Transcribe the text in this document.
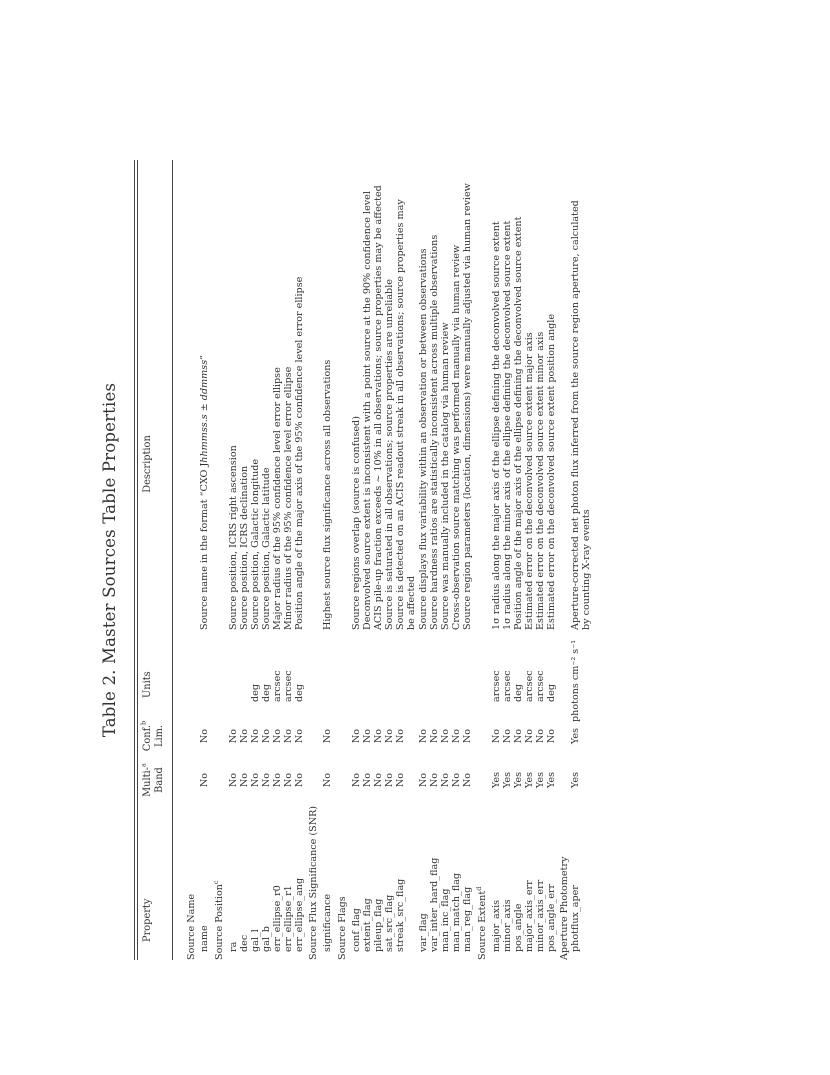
Table 2. Master Sources Table Properties
Property
Multi-$^a$
Band
Conf.$^b$
Lim.
Units
Description
Source Name name
No
No
Source name in the format “CXO Jhhmmss.s ± ddmmss”
Source Position$^c$
ra
No
No
Source position, ICRS right ascension
dec
No
No
Source position, ICRS declination
gal_l
No
No
deg
Source position, Galactic longitude
gal_b
No
No
deg
Source position, Galactic latitude
err_ellipse_r0
No
No
arcsec
Major radius of the 95% confidence level error ellipse
err_ellipse_r1
No
No
arcsec
Minor radius of the 95% confidence level error ellipse
err_ellipse_ang
No
No
deg
Position angle of the major axis of the 95% confidence level error ellipse
Source Flux Significance (SNR) significance
No
No
Highest source flux significance across all observations
Source Flags conf_flag
No
No
Source regions overlap (source is confused)
extent_flag
No
No
Deconvolved source extent is inconsistent with a point source at the 90% confidence level
pileup_flag
No
No
ACIS pile-up fraction exceeds ~ 10% in all observations; source properties may be affected
sat_src_flag
No
No
Source is saturated in all observations; source properties are unreliable
streak_src_flag
No
No
Source is detected on an ACIS readout streak in all observations; source properties may be affected
var_flag
No
No
Source displays flux variability within an observation or between observations
var_inter_hard_flag
No
No
Source hardness ratios are statistically inconsistent across multiple observations
man_inc_flag
No
No
Source was manually included in the catalog via human review
man_match_flag
No
No
Cross-observation source matching was performed manually via human review
man_reg_flag
No
No
Source region parameters (location, dimensions) were manually adjusted via human review
Source Extent$^d$
major_axis
Yes
No
arcsec
1σ radius along the major axis of the ellipse defining the deconvolved source extent
minor_axis
Yes
No
arcsec
1σ radius along the minor axis of the ellipse defining the deconvolved source extent
pos_angle
Yes
No
deg
Position angle of the major axis of the ellipse defining the deconvolved source extent
major_axis_err
Yes
No
arcsec
Estimated error on the deconvolved source extent major axis
minor_axis_err
Yes
No
arcsec
Estimated error on the deconvolved source extent minor axis
pos_angle_err
Yes
No
deg
Estimated error on the deconvolved source extent position angle
Aperture Photometry photflux_aper
Yes
Yes
photons cm⁻² s⁻¹
Aperture-corrected net photon flux inferred from the source region aperture, calculated by counting X-ray events
